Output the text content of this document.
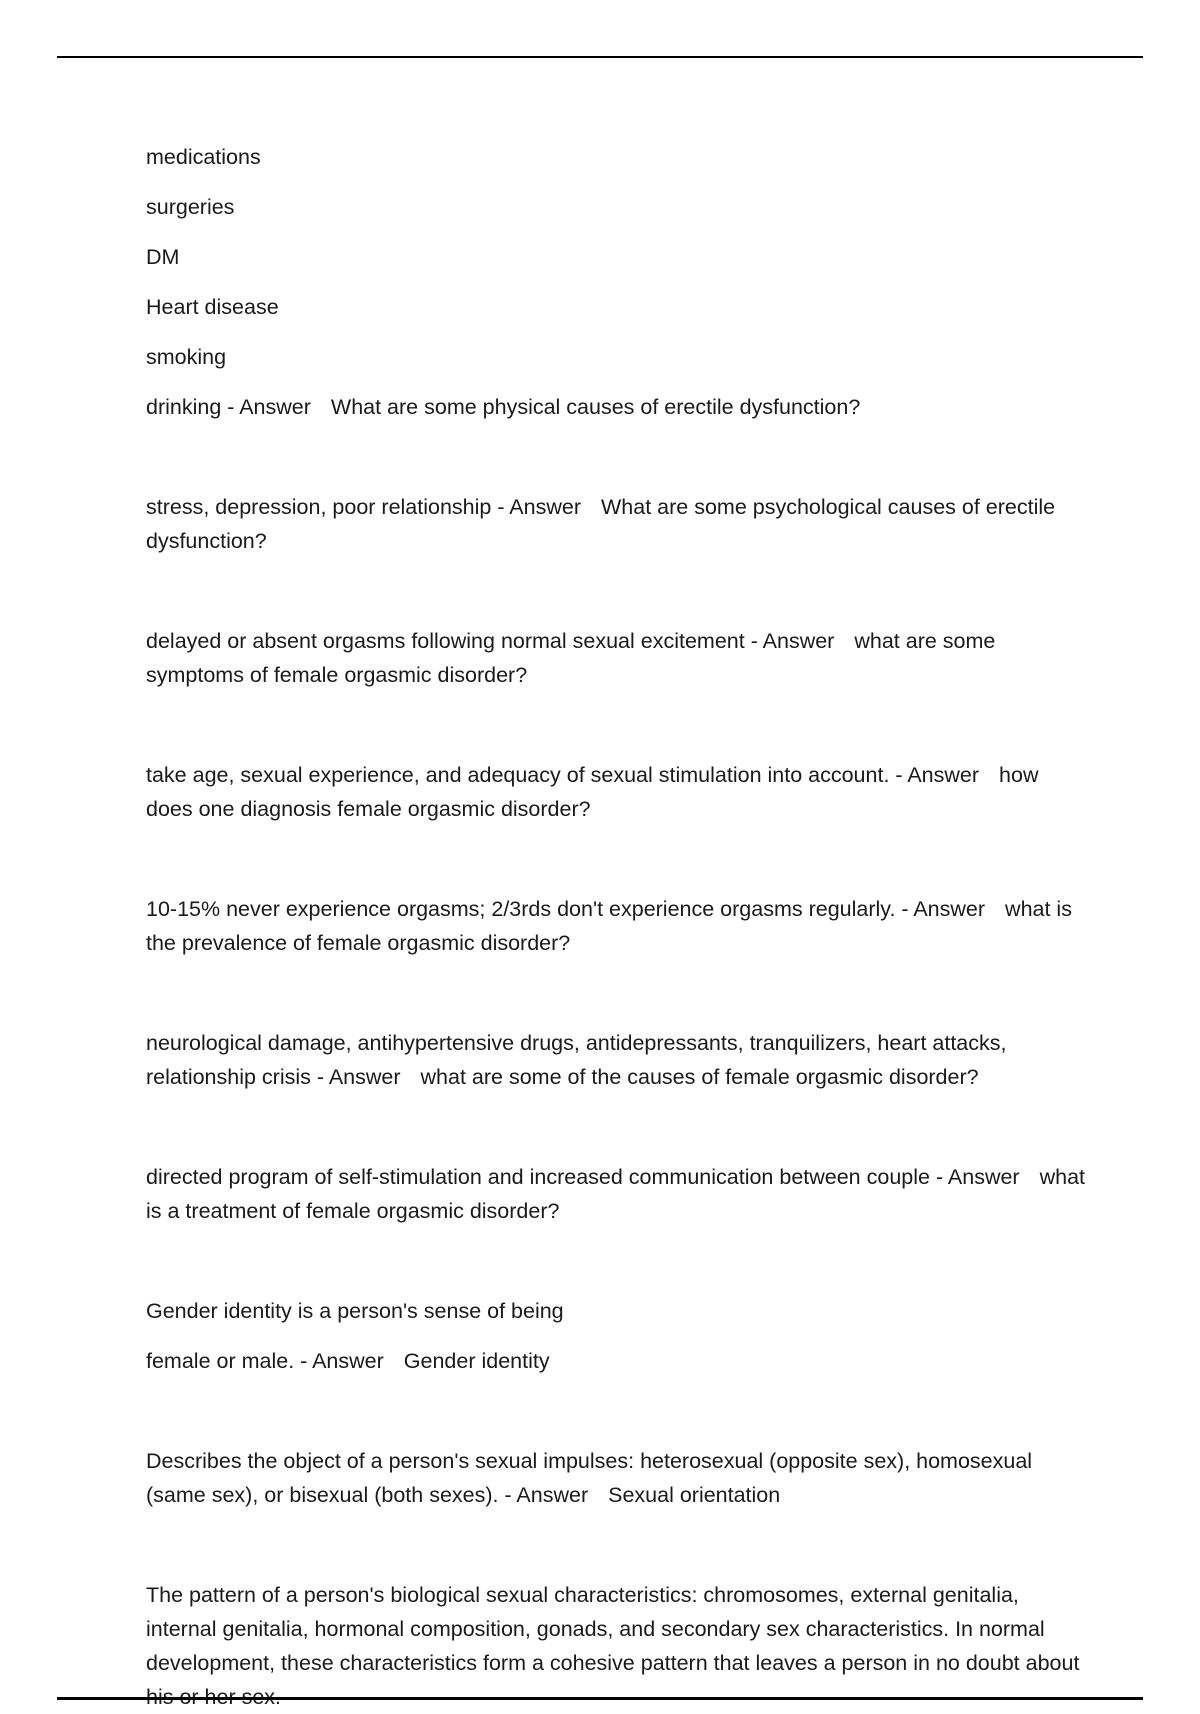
medications
surgeries
DM
Heart disease
smoking

drinking - Answer What are some physical causes of erectile dysfunction?

stress, depression, poor relationship - Answer What are some psychological causes of erectile dysfunction?

delayed or absent orgasms following normal sexual excitement - Answer what are some symptoms of female orgasmic disorder?

take age, sexual experience, and adequacy of sexual stimulation into account. - Answer how does one diagnosis female orgasmic disorder?

10-15% never experience orgasms; 2/3rds don't experience orgasms regularly. - Answer what is the prevalence of female orgasmic disorder?

neurological damage, antihypertensive drugs, antidepressants, tranquilizers, heart attacks, relationship crisis - Answer what are some of the causes of female orgasmic disorder?

directed program of self-stimulation and increased communication between couple - Answer what is a treatment of female orgasmic disorder?

Gender identity is a person's sense of being

female or male. - Answer Gender identity

Describes the object of a person's sexual impulses: heterosexual (opposite sex), homosexual (same sex), or bisexual (both sexes). - Answer Sexual orientation

The pattern of a person's biological sexual characteristics: chromosomes, external genitalia, internal genitalia, hormonal composition, gonads, and secondary sex characteristics. In normal development, these characteristics form a cohesive pattern that leaves a person in no doubt about his or her sex.
